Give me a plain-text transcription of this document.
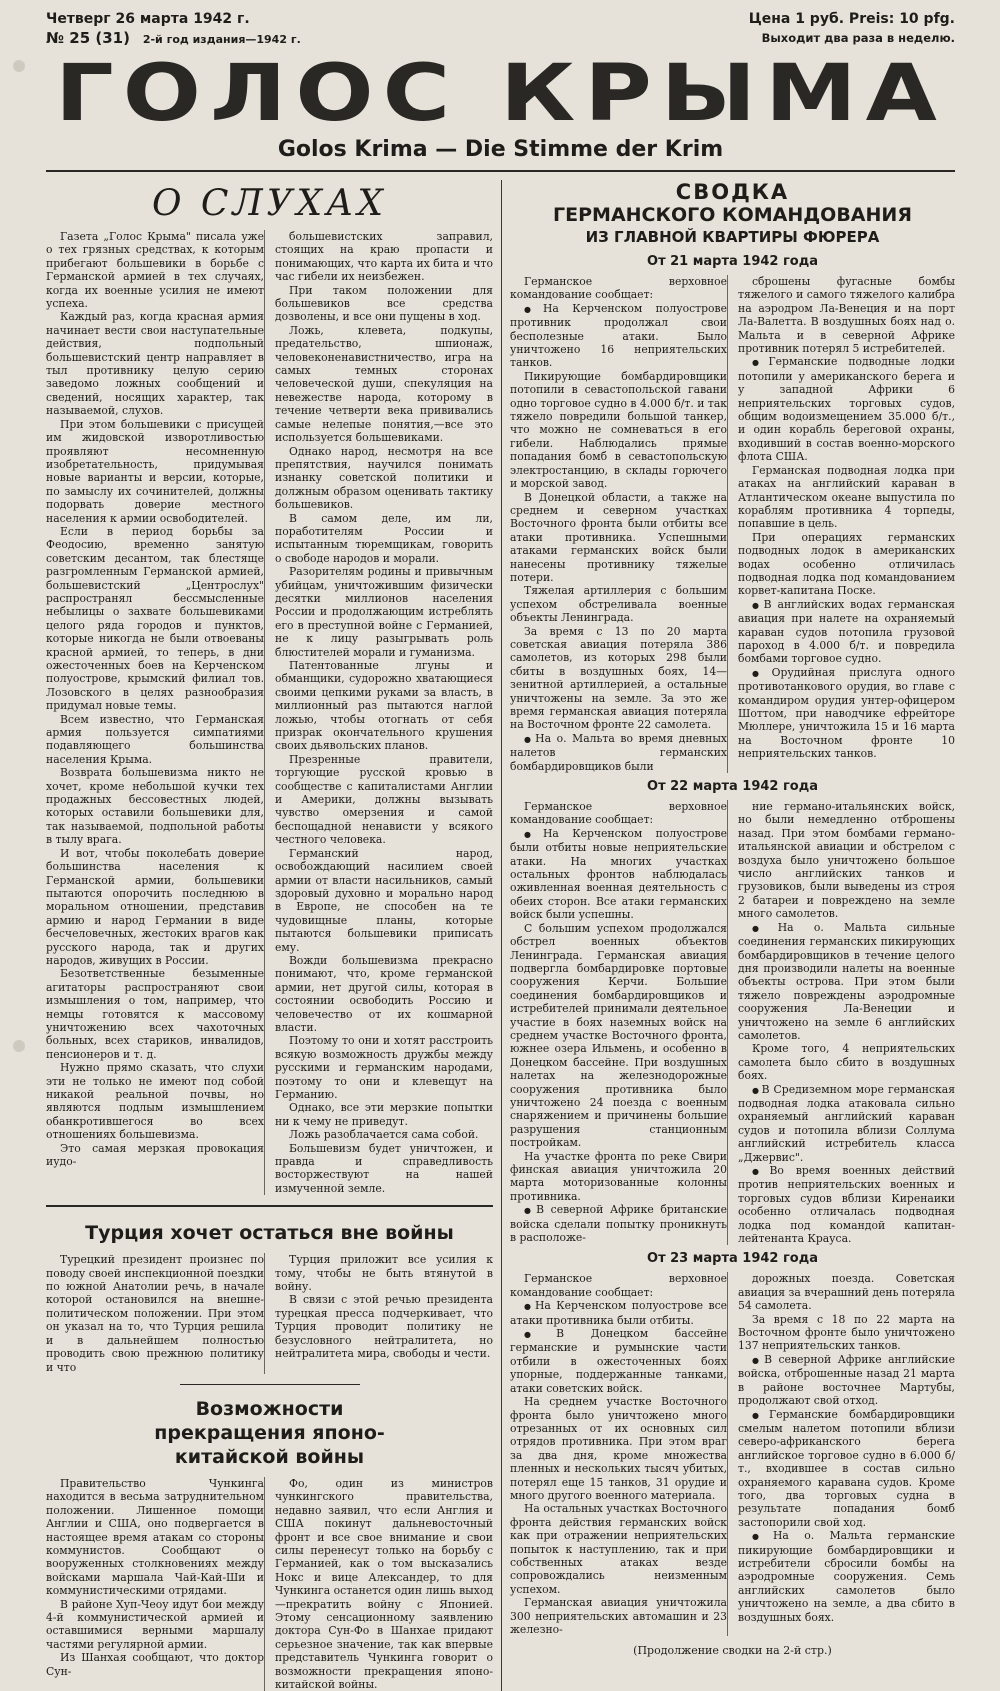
Четверг 26 марта 1942 г.
№ 25 (31) 2-й год издания—1942 г.
Цена 1 руб. Preis: 10 pfg.
Выходит два раза в неделю.
ГОЛОС КРЫМА
Golos Krima — Die Stimme der Krim
О СЛУХАХ

Газета „Голос Крыма" писала уже о тех грязных средствах, к которым прибегают большевики в борьбе с Германской армией в тех случаях, когда их военные усилия не имеют успеха.

Каждый раз, когда красная армия начинает вести свои наступательные действия, подпольный большевистский центр направляет в тыл противнику целую серию заведомо ложных сообщений и сведений, носящих характер, так называемой, слухов.

При этом большевики с присущей им жидовской изворотливостью проявляют несомненную изобретательность, придумывая новые варианты и версии, которые, по замыслу их сочинителей, должны подорвать доверие местного населения к армии освободителей.

Если в период борьбы за Феодосию, временно занятую советским десантом, так блестяще разгромленным Германской армией, большевистский „Центрослух" распространял бессмысленные небылицы о захвате большевиками целого ряда городов и пунктов, которые никогда не были отвоеваны красной армией, то теперь, в дни ожесточенных боев на Керченском полуострове, крымский филиал тов. Лозовского в целях разнообразия придумал новые темы.

Всем известно, что Германская армия пользуется симпатиями подавляющего большинства населения Крыма.

Возврата большевизма никто не хочет, кроме небольшой кучки тех продажных бессовестных людей, которых оставили большевики для, так называемой, подпольной работы в тылу врага.

И вот, чтобы поколебать доверие большинства населения к Германской армии, большевики пытаются опорочить последнюю в моральном отношении, представив армию и народ Германии в виде бесчеловечных, жестоких врагов как русского народа, так и других народов, живущих в России.

Безответственные безыменные агитаторы распространяют свои измышления о том, например, что немцы готовятся к массовому уничтожению всех чахоточных больных, всех стариков, инвалидов, пенсионеров и т. д.

Нужно прямо сказать, что слухи эти не только не имеют под собой никакой реальной почвы, но являются подлым измышлением обанкротившегося во всех отношениях большевизма.

Это самая мерзкая провокация иудо-

большевистских заправил, стоящих на краю пропасти и понимающих, что карта их бита и что час гибели их неизбежен.

При таком положении для большевиков все средства дозволены, и все они пущены в ход.

Ложь, клевета, подкупы, предательство, шпионаж, человеконенавистничество, игра на самых темных сторонах человеческой души, спекуляция на невежестве народа, которому в течение четверти века прививались самые нелепые понятия,—все это используется большевиками.

Однако народ, несмотря на все препятствия, научился понимать изнанку советской политики и должным образом оценивать тактику большевиков.

В самом деле, им ли, поработителям России и испытанным тюремщикам, говорить о свободе народов и морали.

Разорителям родины и привычным убийцам, уничтожившим физически десятки миллионов населения России и продолжающим истреблять его в преступной войне с Германией, не к лицу разыгрывать роль блюстителей морали и гуманизма.

Патентованные лгуны и обманщики, судорожно хватающиеся своими цепкими руками за власть, в миллионный раз пытаются наглой ложью, чтобы отогнать от себя призрак окончательного крушения своих дьявольских планов.

Презренные правители, торгующие русской кровью в сообществе с капиталистами Англии и Америки, должны вызывать чувство омерзения и самой беспощадной ненависти у всякого честного человека.

Германский народ, освобождающий насилием своей армии от власти насильников, самый здоровый духовно и морально народ в Европе, не способен на те чудовищные планы, которые пытаются большевики приписать ему.

Вожди большевизма прекрасно понимают, что, кроме германской армии, нет другой силы, которая в состоянии освободить Россию и человечество от их кошмарной власти.

Поэтому то они и хотят расстроить всякую возможность дружбы между русскими и германским народами, поэтому то они и клевещут на Германию.

Однако, все эти мерзкие попытки ни к чему не приведут.

Ложь разоблачается сама собой.

Большевизм будет уничтожен, и правда и справедливость восторжествуют на нашей измученной земле.

Турция хочет остаться вне войны

Турецкий президент произнес по поводу своей инспекционной поездки по южной Анатолии речь, в начале которой остановился на внешне-политическом положении. При этом он указал на то, что Турция решила и в дальнейшем полностью проводить свою прежнюю политику и что

Турция приложит все усилия к тому, чтобы не быть втянутой в войну.

В связи с этой речью президента турецкая пресса подчеркивает, что Турция проводит политику не безусловного нейтралитета, но нейтралитета мира, свободы и чести.

Возможности прекращения японо-китайской войны

Правительство Чункинга находится в весьма затруднительном положении. Лишенное помощи Англии и США, оно подвергается в настоящее время атакам со стороны коммунистов. Сообщают о вооруженных столкновениях между войсками маршала Чай-Кай-Ши и коммунистическими отрядами.

В районе Хуп-Чеоу идут бои между 4-й коммунистической армией и оставшимися верными маршалу частями регулярной армии.

Из Шанхая сообщают, что доктор Сун-

Фо, один из министров чункингского правительства, недавно заявил, что если Англия и США покинут дальневосточный фронт и все свое внимание и свои силы перенесут только на борьбу с Германией, как о том высказались Нокс и вице Александер, то для Чункинга останется один лишь выход—прекратить войну с Японией. Этому сенсационному заявлению доктора Сун-Фо в Шанхае придают серьезное значение, так как впервые представитель Чункинга говорит о возможности прекращения японо-китайской войны.

СВОДКА
ГЕРМАНСКОГО КОМАНДОВАНИЯ
ИЗ ГЛАВНОЙ КВАРТИРЫ ФЮРЕРА
От 21 марта 1942 года

Германское верховное командование сообщает:

● На Керченском полуострове противник продолжал свои бесполезные атаки. Было уничтожено 16 неприятельских танков.

Пикирующие бомбардировщики потопили в севастопольской гавани одно торговое судно в 4.000 б/т. и так тяжело повредили большой танкер, что можно не сомневаться в его гибели. Наблюдались прямые попадания бомб в севастопольскую электростанцию, в склады горючего и морской завод.

В Донецкой области, а также на среднем и северном участках Восточного фронта были отбиты все атаки противника. Успешными атаками германских войск были нанесены противнику тяжелые потери.

Тяжелая артиллерия с большим успехом обстреливала военные объекты Ленинграда.

За время с 13 по 20 марта советская авиация потеряла 386 самолетов, из которых 298 были сбиты в воздушных боях, 14—зенитной артиллерией, а остальные уничтожены на земле. За это же время германская авиация потеряла на Восточном фронте 22 самолета.

● На о. Мальта во время дневных налетов германских бомбардировщиков были

сброшены фугасные бомбы тяжелого и самого тяжелого калибра на аэродром Ла-Венеция и на порт Ла-Валетта. В воздушных боях над о. Мальта и в северной Африке противник потерял 5 истребителей.

● Германские подводные лодки потопили у американского берега и у западной Африки 6 неприятельских торговых судов, общим водоизмещением 35.000 б/т., и один корабль береговой охраны, входивший в состав военно-морского флота США.

Германская подводная лодка при атаках на английский караван в Атлантическом океане выпустила по кораблям противника 4 торпеды, попавшие в цель.

При операциях германских подводных лодок в американских водах особенно отличилась подводная лодка под командованием корвет-капитана Поске.

● В английских водах германская авиация при налете на охраняемый караван судов потопила грузовой пароход в 4.000 б/т. и повредила бомбами торговое судно.

● Орудийная прислуга одного противотанкового орудия, во главе с командиром орудия унтер-офицером Шоттом, при наводчике ефрейторе Мюллере, уничтожила 15 и 16 марта на Восточном фронте 10 неприятельских танков.

От 22 марта 1942 года

Германское верховное командование сообщает:

● На Керченском полуострове были отбиты новые неприятельские атаки. На многих участках остальных фронтов наблюдалась оживленная военная деятельность с обеих сторон. Все атаки германских войск были успешны.

С большим успехом продолжался обстрел военных объектов Ленинграда. Германская авиация подвергла бомбардировке портовые сооружения Керчи. Большие соединения бомбардировщиков и истребителей принимали деятельное участие в боях наземных войск на среднем участке Восточного фронта, южнее озера Ильмень, и особенно в Донецком бассейне. При воздушных налетах на железнодорожные сооружения противника было уничтожено 24 поезда с военным снаряжением и причинены большие разрушения станционным постройкам.

На участке фронта по реке Свири финская авиация уничтожила 20 марта моторизованные колонны противника.

● В северной Африке британские войска сделали попытку проникнуть в расположе-

ние германо-итальянских войск, но были немедленно отброшены назад. При этом бомбами германо-итальянской авиации и обстрелом с воздуха было уничтожено большое число английских танков и грузовиков, были выведены из строя 2 батареи и повреждено на земле много самолетов.

● На о. Мальта сильные соединения германских пикирующих бомбардировщиков в течение целого дня производили налеты на военные объекты острова. При этом были тяжело повреждены аэродромные сооружения Ла-Венеции и уничтожено на земле 6 английских самолетов.

Кроме того, 4 неприятельских самолета было сбито в воздушных боях.

● В Средиземном море германская подводная лодка атаковала сильно охраняемый английский караван судов и потопила вблизи Соллума английский истребитель класса „Джервис".

● Во время военных действий против неприятельских военных и торговых судов вблизи Киренаики особенно отличалась подводная лодка под командой капитан-лейтенанта Крауса.

От 23 марта 1942 года

Германское верховное командование сообщает:

● На Керченском полуострове все атаки противника были отбиты.

● В Донецком бассейне германские и румынские части отбили в ожесточенных боях упорные, поддержанные танками, атаки советских войск.

На среднем участке Восточного фронта было уничтожено много отрезанных от их основных сил отрядов противника. При этом враг за два дня, кроме множества пленных и нескольких тысяч убитых, потерял еще 15 танков, 31 орудие и много другого военного материала.

На остальных участках Восточного фронта действия германских войск как при отражении неприятельских попыток к наступлению, так и при собственных атаках везде сопровождались неизменным успехом.

Германская авиация уничтожила 300 неприятельских автомашин и 23 железно-

дорожных поезда. Советская авиация за вчерашний день потеряла 54 самолета.

За время с 18 по 22 марта на Восточном фронте было уничтожено 137 неприятельских танков.

● В северной Африке английские войска, отброшенные назад 21 марта в районе восточнее Мартубы, продолжают свой отход.

● Германские бомбардировщики смелым налетом потопили вблизи северо-африканского берега английское торговое судно в 6.000 б/т., входившее в состав сильно охраняемого каравана судов. Кроме того, два торговых судна в результате попадания бомб застопорили свой ход.

● На о. Мальта германские пикирующие бомбардировщики и истребители сбросили бомбы на аэродромные сооружения. Семь английских самолетов было уничтожено на земле, а два сбито в воздушных боях.

(Продолжение сводки на 2-й стр.)
